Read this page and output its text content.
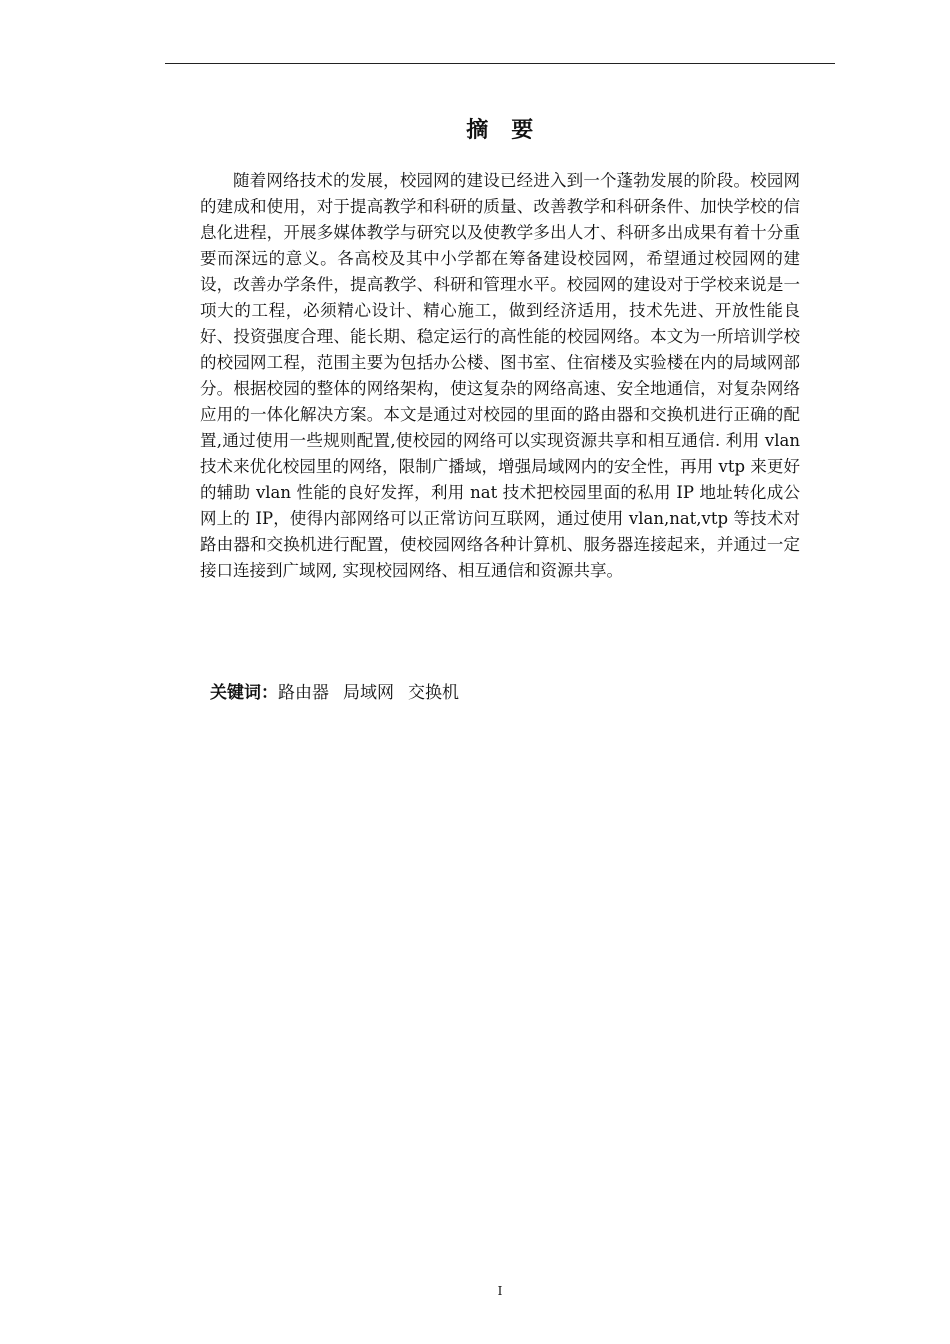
摘　要

随着网络技术的发展，校园网的建设已经进入到一个蓬勃发展的阶段。校园网的建成和使用，对于提高教学和科研的质量、改善教学和科研条件、加快学校的信息化进程，开展多媒体教学与研究以及使教学多出人才、科研多出成果有着十分重要而深远的意义。各高校及其中小学都在筹备建设校园网，希望通过校园网的建设，改善办学条件，提高教学、科研和管理水平。校园网的建设对于学校来说是一项大的工程，必须精心设计、精心施工，做到经济适用，技术先进、开放性能良好、投资强度合理、能长期、稳定运行的高性能的校园网络。本文为一所培训学校的校园网工程，范围主要为包括办公楼、图书室、住宿楼及实验楼在内的局域网部分。根据校园的整体的网络架构，使这复杂的网络高速、安全地通信，对复杂网络应用的一体化解决方案。本文是通过对校园的里面的路由器和交换机进行正确的配置,通过使用一些规则配置,使校园的网络可以实现资源共享和相互通信. 利用 vlan 技术来优化校园里的网络，限制广播域，增强局域网内的安全性，再用 vtp 来更好的辅助 vlan 性能的良好发挥，利用 nat 技术把校园里面的私用 IP 地址转化成公网上的 IP，使得内部网络可以正常访问互联网，通过使用 vlan,nat,vtp 等技术对路由器和交换机进行配置，使校园网络各种计算机、服务器连接起来，并通过一定接口连接到广域网, 实现校园网络、相互通信和资源共享。

关键词：路由器 局域网 交换机
I
